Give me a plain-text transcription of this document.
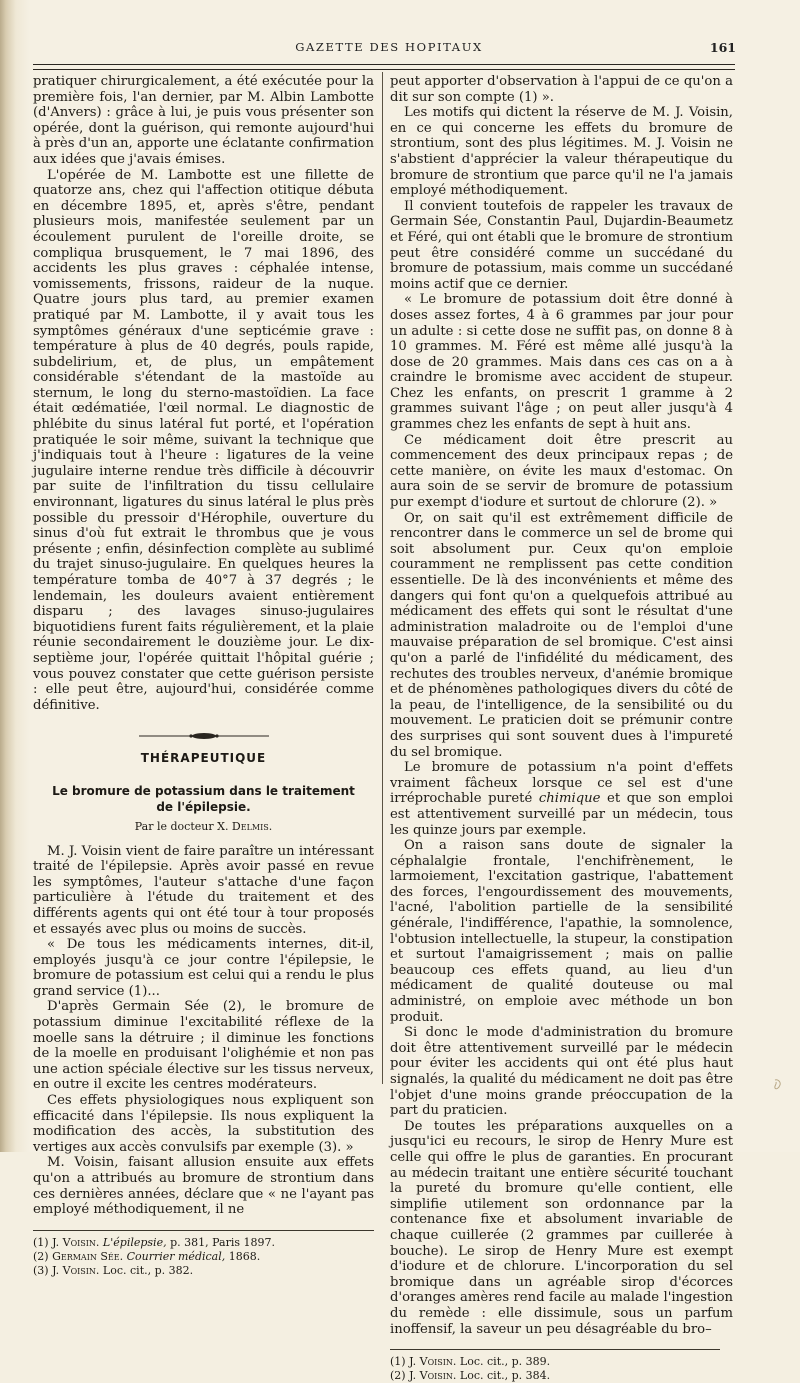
GAZETTE DES HOPITAUX	161

pratiquer chirurgicalement, a été exécutée pour la première fois, l'an dernier, par M. Albin Lambotte (d'Anvers) : grâce à lui, je puis vous présenter son opérée, dont la guérison, qui remonte aujourd'hui à près d'un an, apporte une éclatante confirmation aux idées que j'avais émises.

L'opérée de M. Lambotte est une fillette de quatorze ans, chez qui l'affection otitique débuta en décembre 1895, et, après s'être, pendant plusieurs mois, manifestée seulement par un écoulement purulent de l'oreille droite, se compliqua brusquement, le 7 mai 1896, des accidents les plus graves : céphalée intense, vomissements, frissons, raideur de la nuque. Quatre jours plus tard, au premier examen pratiqué par M. Lambotte, il y avait tous les symptômes généraux d'une septicémie grave : température à plus de 40 degrés, pouls rapide, subdelirium, et, de plus, un empâtement considérable s'étendant de la mastoïde au sternum, le long du sterno-mastoïdien. La face était œdématiée, l'œil normal. Le diagnostic de phlébite du sinus latéral fut porté, et l'opération pratiquée le soir même, suivant la technique que j'indiquais tout à l'heure : ligatures de la veine jugulaire interne rendue très difficile à découvrir par suite de l'infiltration du tissu cellulaire environnant, ligatures du sinus latéral le plus près possible du pressoir d'Hérophile, ouverture du sinus d'où fut extrait le thrombus que je vous présente ; enfin, désinfection complète au sublimé du trajet sinuso-jugulaire. En quelques heures la température tomba de 40°7 à 37 degrés ; le lendemain, les douleurs avaient entièrement disparu ; des lavages sinuso-jugulaires biquotidiens furent faits régulièrement, et la plaie réunie secondairement le douzième jour. Le dix-septième jour, l'opérée quittait l'hôpital guérie ; vous pouvez constater que cette guérison persiste : elle peut être, aujourd'hui, considérée comme définitive.

THÉRAPEUTIQUE
Le bromure de potassium dans le traitement
de l'épilepsie.
Par le docteur X. Delmis.

M. J. Voisin vient de faire paraître un intéressant traité de l'épilepsie. Après avoir passé en revue les symptômes, l'auteur s'attache d'une façon particulière à l'étude du traitement et des différents agents qui ont été tour à tour proposés et essayés avec plus ou moins de succès.

« De tous les médicaments internes, dit-il, employés jusqu'à ce jour contre l'épilepsie, le bromure de potassium est celui qui a rendu le plus grand service (1)...

D'après Germain Sée (2), le bromure de potassium diminue l'excitabilité réflexe de la moelle sans la détruire ; il diminue les fonctions de la moelle en produisant l'olighémie et non pas une action spéciale élective sur les tissus nerveux, en outre il excite les centres modérateurs.

Ces effets physiologiques nous expliquent son efficacité dans l'épilepsie. Ils nous expliquent la modification des accès, la substitution des vertiges aux accès convulsifs par exemple (3). »

M. Voisin, faisant allusion ensuite aux effets qu'on a attribués au bromure de strontium dans ces dernières années, déclare que « ne l'ayant pas employé méthodiquement, il ne

(1) J. Voisin. L'épilepsie, p. 381, Paris 1897.

(2) Germain Sée. Courrier médical, 1868.

(3) J. Voisin. Loc. cit., p. 382.

peut apporter d'observation à l'appui de ce qu'on a dit sur son compte (1) ».

Les motifs qui dictent la réserve de M. J. Voisin, en ce qui concerne les effets du bromure de strontium, sont des plus légitimes. M. J. Voisin ne s'abstient d'apprécier la valeur thérapeutique du bromure de strontium que parce qu'il ne l'a jamais employé méthodiquement.

Il convient toutefois de rappeler les travaux de Germain Sée, Constantin Paul, Dujardin-Beaumetz et Féré, qui ont établi que le bromure de strontium peut être considéré comme un succédané du bromure de potassium, mais comme un succédané moins actif que ce dernier.

« Le bromure de potassium doit être donné à doses assez fortes, 4 à 6 grammes par jour pour un adulte : si cette dose ne suffit pas, on donne 8 à 10 grammes. M. Féré est même allé jusqu'à la dose de 20 grammes. Mais dans ces cas on a à craindre le bromisme avec accident de stupeur. Chez les enfants, on prescrit 1 gramme à 2 grammes suivant l'âge ; on peut aller jusqu'à 4 grammes chez les enfants de sept à huit ans.

Ce médicament doit être prescrit au commencement des deux principaux repas ; de cette manière, on évite les maux d'estomac. On aura soin de se servir de bromure de potassium pur exempt d'iodure et surtout de chlorure (2). »

Or, on sait qu'il est extrêmement difficile de rencontrer dans le commerce un sel de brome qui soit absolument pur. Ceux qu'on emploie couramment ne remplissent pas cette condition essentielle. De là des inconvénients et même des dangers qui font qu'on a quelquefois attribué au médicament des effets qui sont le résultat d'une administration maladroite ou de l'emploi d'une mauvaise préparation de sel bromique. C'est ainsi qu'on a parlé de l'infidélité du médicament, des rechutes des troubles nerveux, d'anémie bromique et de phénomènes pathologiques divers du côté de la peau, de l'intelligence, de la sensibilité ou du mouvement. Le praticien doit se prémunir contre des surprises qui sont souvent dues à l'impureté du sel bromique.

Le bromure de potassium n'a point d'effets vraiment fâcheux lorsque ce sel est d'une irréprochable pureté chimique et que son emploi est attentivement surveillé par un médecin, tous les quinze jours par exemple.

On a raison sans doute de signaler la céphalalgie frontale, l'enchifrènement, le larmoiement, l'excitation gastrique, l'abattement des forces, l'engourdissement des mouvements, l'acné, l'abolition partielle de la sensibilité générale, l'indifférence, l'apathie, la somnolence, l'obtusion intellectuelle, la stupeur, la constipation et surtout l'amaigrissement ; mais on pallie beaucoup ces effets quand, au lieu d'un médicament de qualité douteuse ou mal administré, on emploie avec méthode un bon produit.

Si donc le mode d'administration du bromure doit être attentivement surveillé par le médecin pour éviter les accidents qui ont été plus haut signalés, la qualité du médicament ne doit pas être l'objet d'une moins grande préoccupation de la part du praticien.

De toutes les préparations auxquelles on a jusqu'ici eu recours, le sirop de Henry Mure est celle qui offre le plus de garanties. En procurant au médecin traitant une entière sécurité touchant la pureté du bromure qu'elle contient, elle simplifie utilement son ordonnance par la contenance fixe et absolument invariable de chaque cuillerée (2 grammes par cuillerée à bouche). Le sirop de Henry Mure est exempt d'iodure et de chlorure. L'incorporation du sel bromique dans un agréable sirop d'écorces d'oranges amères rend facile au malade l'ingestion du remède : elle dissimule, sous un parfum inoffensif, la saveur un peu désagréable du bro–

(1) J. Voisin. Loc. cit., p. 389.

(2) J. Voisin. Loc. cit., p. 384.
